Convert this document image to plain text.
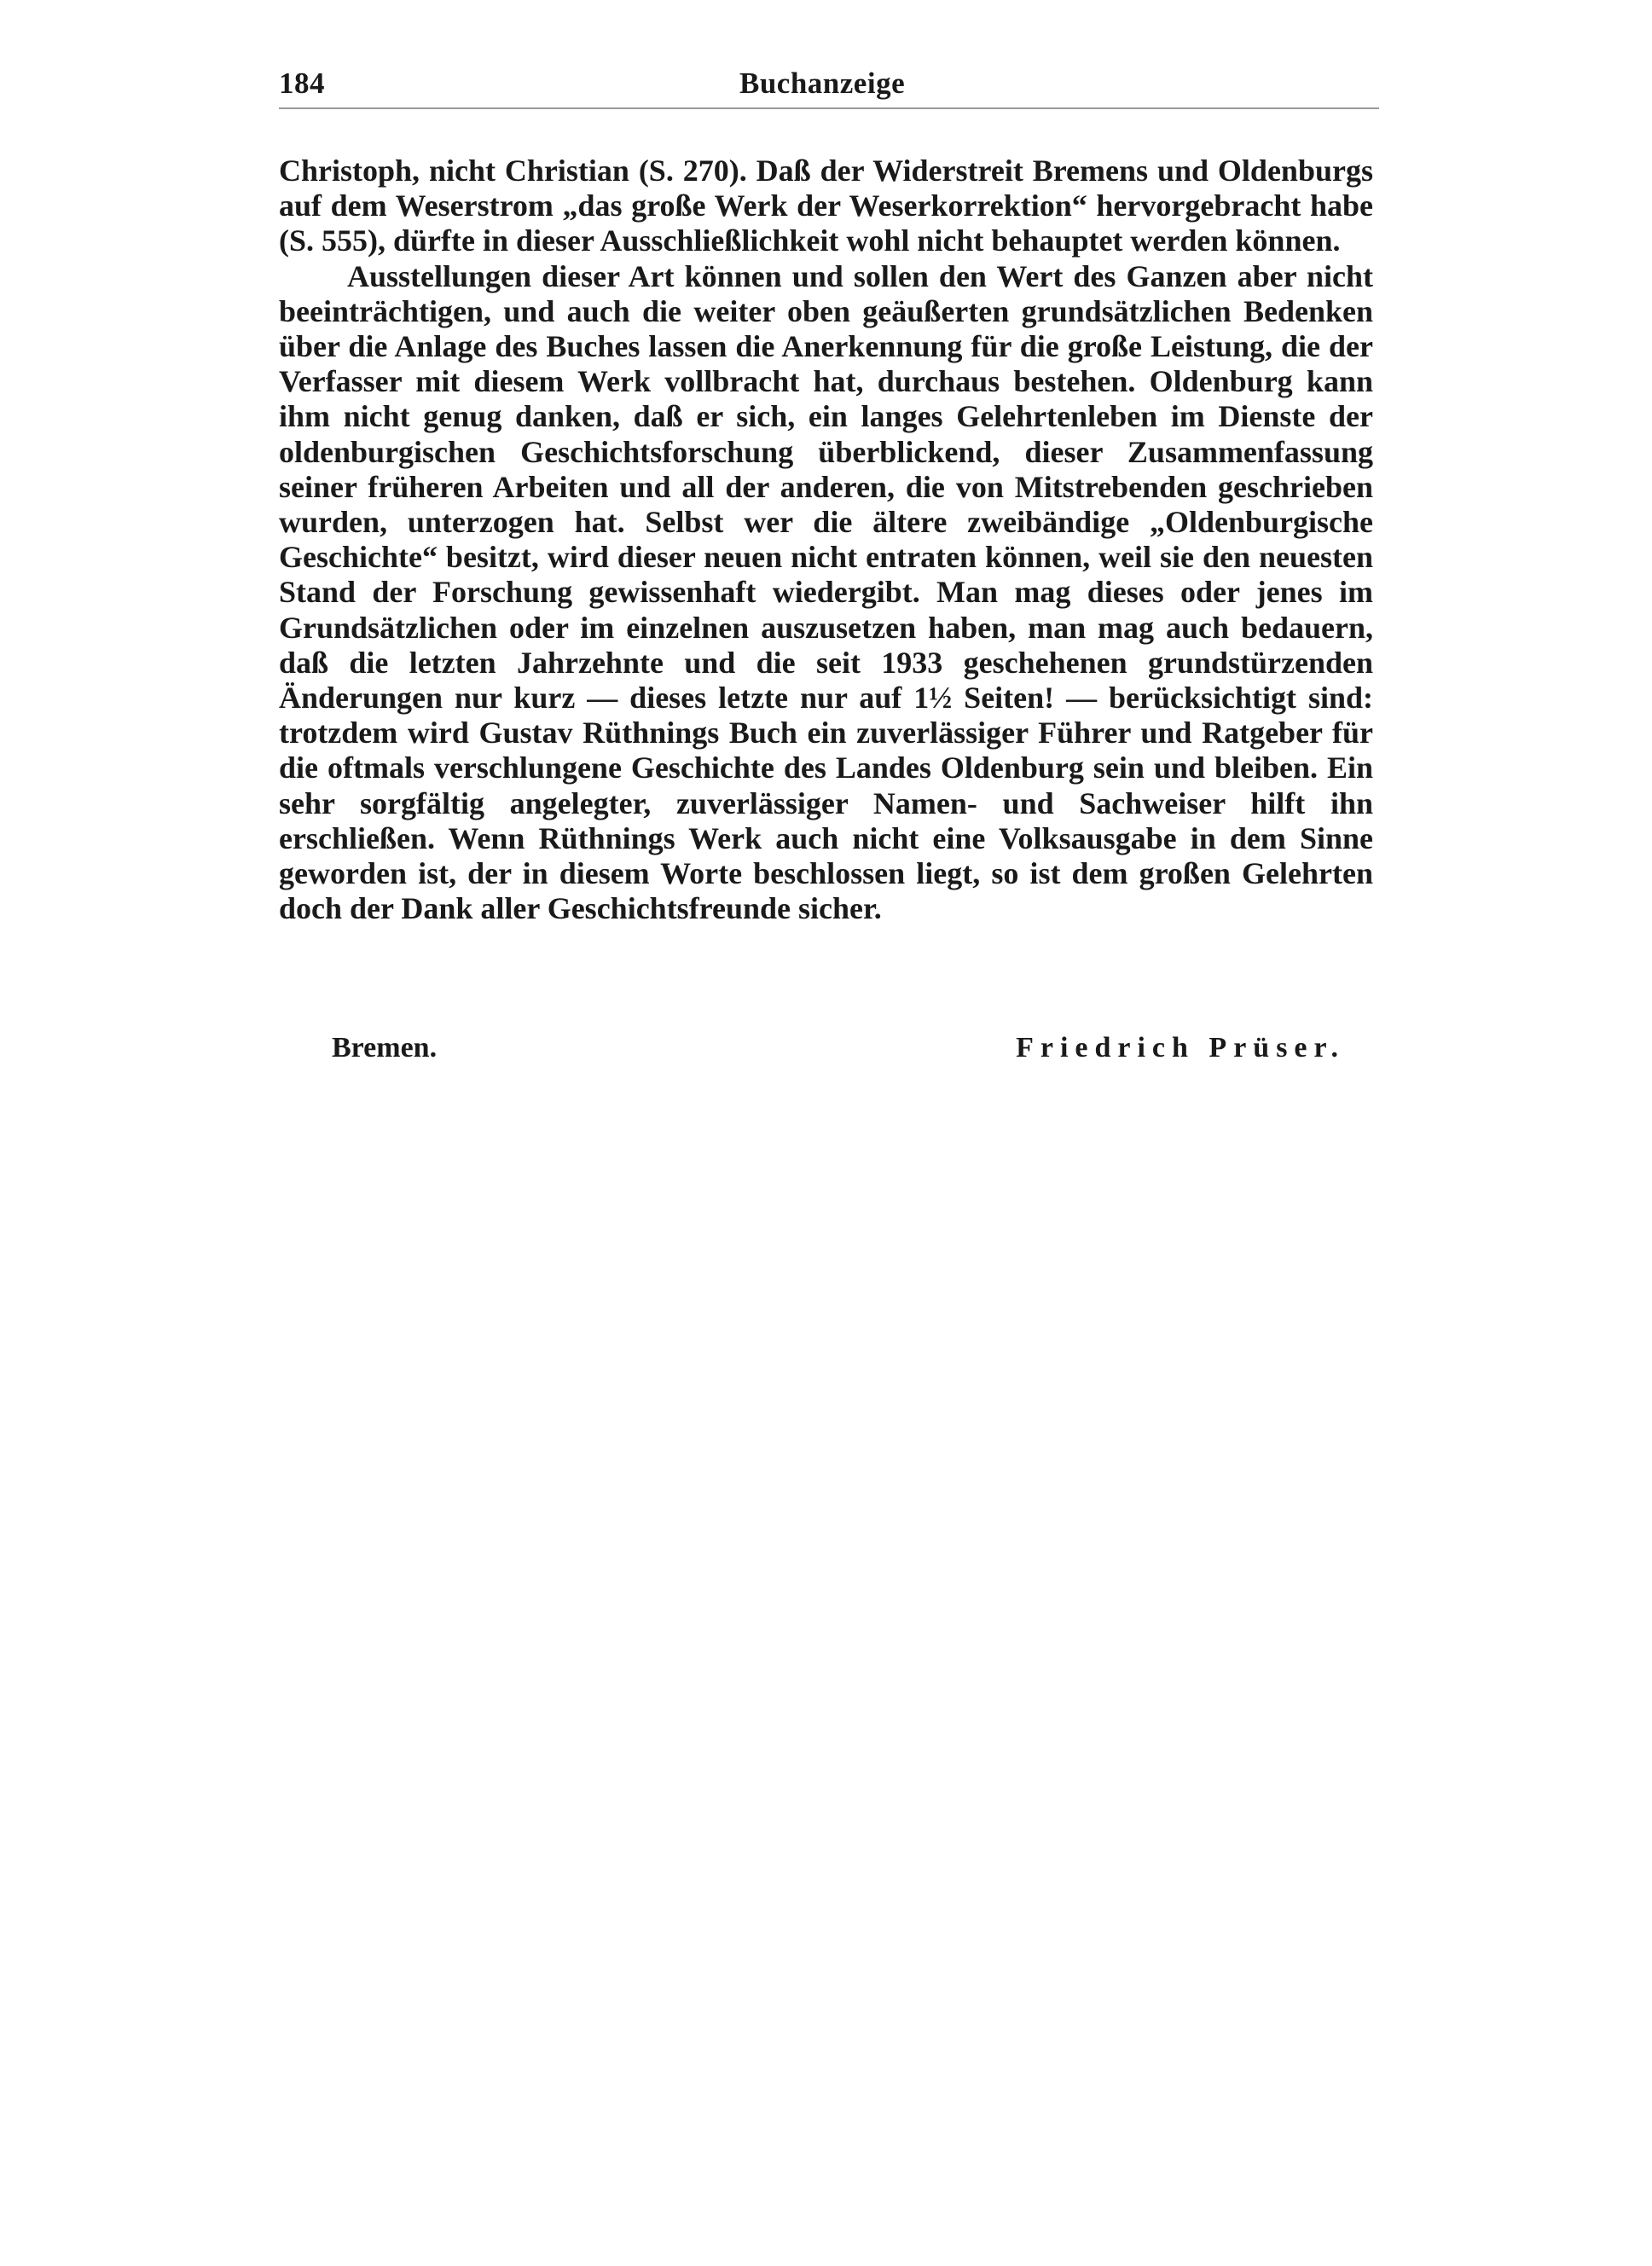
184	Buchanzeige

Christoph, nicht Christian (S. 270). Daß der Widerstreit Bremens und Oldenburgs auf dem Weserstrom „das große Werk der Weserkorrektion“ hervorgebracht habe (S. 555), dürfte in dieser Ausschließlichkeit wohl nicht behauptet werden können.

Ausstellungen dieser Art können und sollen den Wert des Ganzen aber nicht beeinträchtigen, und auch die weiter oben geäußerten grundsätzlichen Bedenken über die Anlage des Buches lassen die Anerkennung für die große Leistung, die der Verfasser mit diesem Werk vollbracht hat, durchaus bestehen. Oldenburg kann ihm nicht genug danken, daß er sich, ein langes Gelehrtenleben im Dienste der oldenburgischen Geschichtsforschung überblickend, dieser Zusammenfassung seiner früheren Arbeiten und all der anderen, die von Mitstrebenden geschrieben wurden, unterzogen hat. Selbst wer die ältere zweibändige „Oldenburgische Geschichte“ besitzt, wird dieser neuen nicht entraten können, weil sie den neuesten Stand der Forschung gewissenhaft wiedergibt. Man mag dieses oder jenes im Grundsätzlichen oder im einzelnen auszusetzen haben, man mag auch bedauern, daß die letzten Jahrzehnte und die seit 1933 geschehenen grundstürzenden Änderungen nur kurz — dieses letzte nur auf 1½ Seiten! — berücksichtigt sind: trotzdem wird Gustav Rüthnings Buch ein zuverlässiger Führer und Ratgeber für die oftmals verschlungene Geschichte des Landes Oldenburg sein und bleiben. Ein sehr sorgfältig angelegter, zuverlässiger Namen- und Sachweiser hilft ihn erschließen. Wenn Rüthnings Werk auch nicht eine Volksausgabe in dem Sinne geworden ist, der in diesem Worte beschlossen liegt, so ist dem großen Gelehrten doch der Dank aller Geschichtsfreunde sicher.

Bremen.	Friedrich Prüser.
